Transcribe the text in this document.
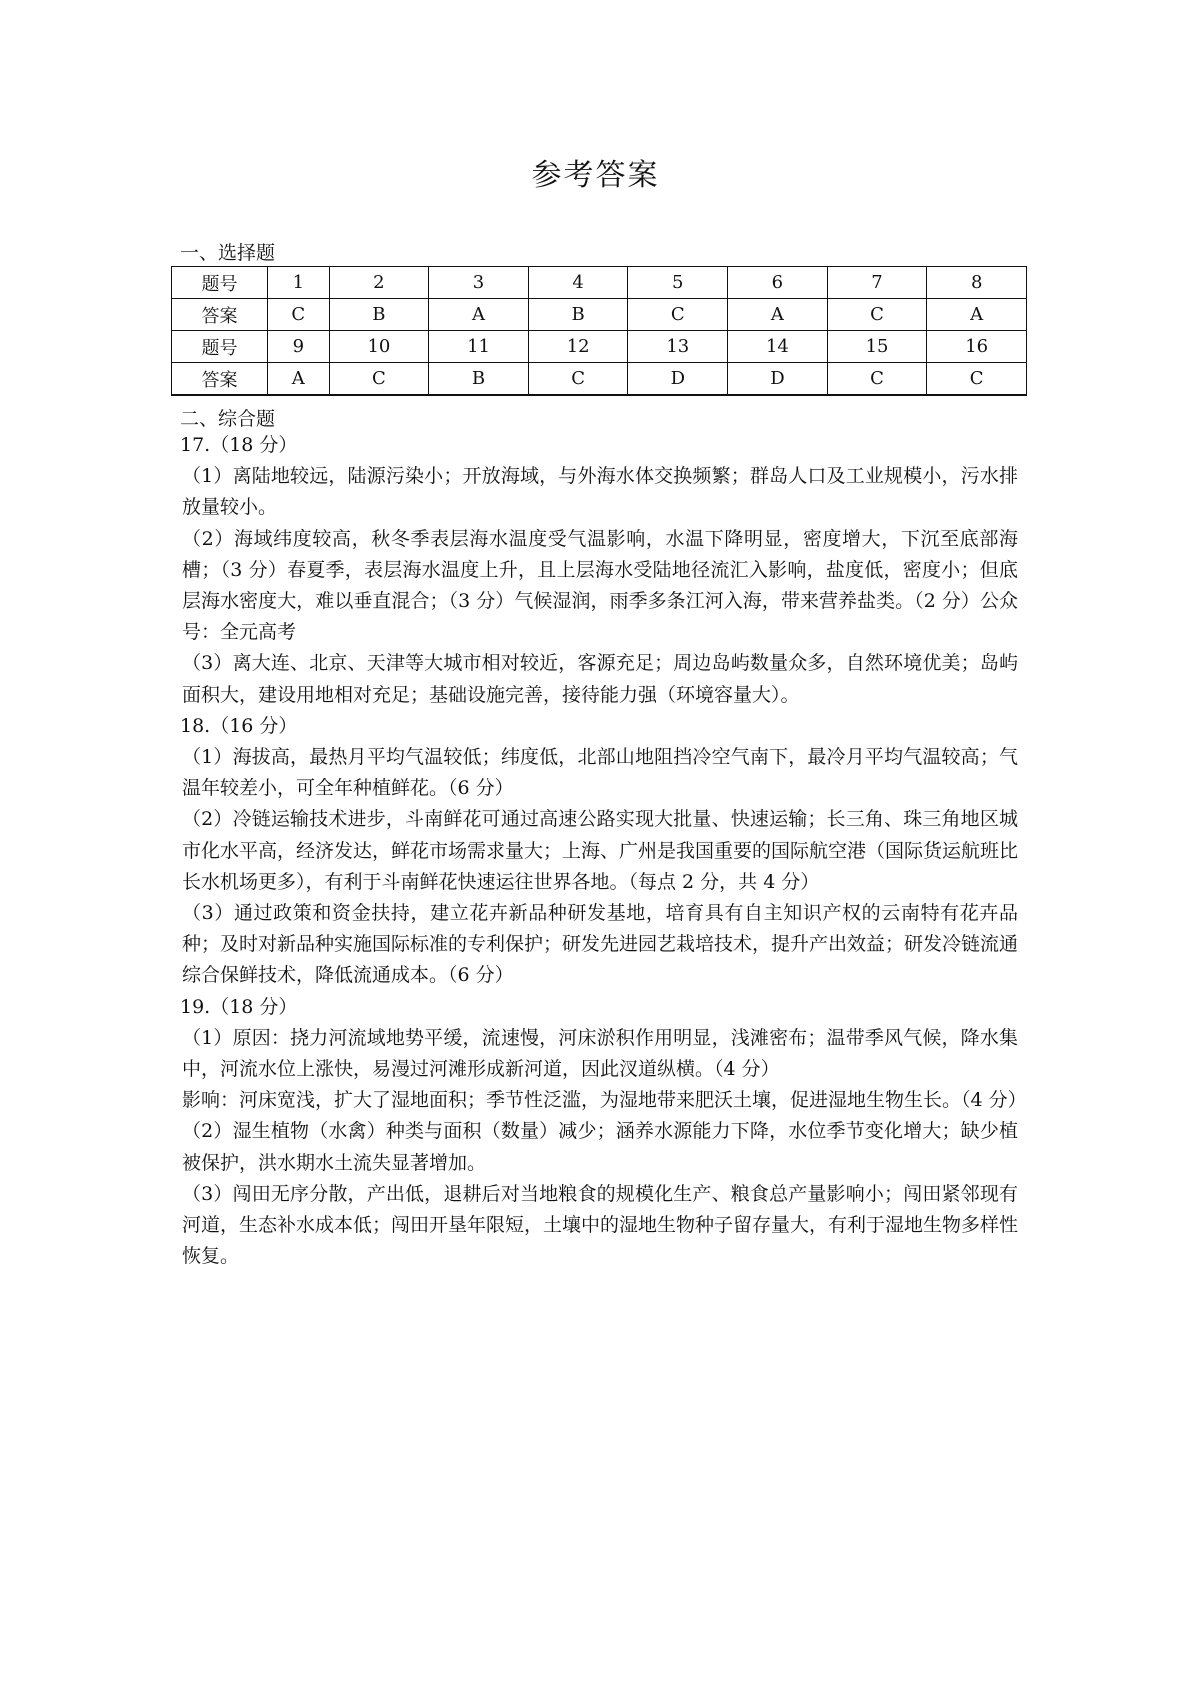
参考答案
一、选择题
题号	1	2	3	4	5	6	7	8
答案	C	B	A	B	C	A	C	A
题号	9	10	11	12	13	14	15	16
答案	A	C	B	C	D	D	C	C
二、综合题
17.（18 分）
（1）离陆地较远，陆源污染小；开放海域，与外海水体交换频繁；群岛人口及工业规模小，污水排放量较小。
（2）海域纬度较高，秋冬季表层海水温度受气温影响，水温下降明显，密度增大，下沉至底部海槽；（3 分）春夏季，表层海水温度上升，且上层海水受陆地径流汇入影响，盐度低，密度小；但底层海水密度大，难以垂直混合；（3 分）气候湿润，雨季多条江河入海，带来营养盐类。（2 分）公众号：全元高考
（3）离大连、北京、天津等大城市相对较近，客源充足；周边岛屿数量众多，自然环境优美；岛屿面积大，建设用地相对充足；基础设施完善，接待能力强（环境容量大）。
18.（16 分）
（1）海拔高，最热月平均气温较低；纬度低，北部山地阻挡冷空气南下，最冷月平均气温较高；气温年较差小，可全年种植鲜花。（6 分）
（2）冷链运输技术进步，斗南鲜花可通过高速公路实现大批量、快速运输；长三角、珠三角地区城市化水平高，经济发达，鲜花市场需求量大；上海、广州是我国重要的国际航空港（国际货运航班比长水机场更多），有利于斗南鲜花快速运往世界各地。（每点 2 分，共 4 分）
（3）通过政策和资金扶持，建立花卉新品种研发基地，培育具有自主知识产权的云南特有花卉品种；及时对新品种实施国际标准的专利保护；研发先进园艺栽培技术，提升产出效益；研发冷链流通综合保鲜技术，降低流通成本。（6 分）
19.（18 分）
（1）原因：挠力河流域地势平缓，流速慢，河床淤积作用明显，浅滩密布；温带季风气候，降水集中，河流水位上涨快，易漫过河滩形成新河道，因此汊道纵横。（4 分）
影响：河床宽浅，扩大了湿地面积；季节性泛滥，为湿地带来肥沃土壤，促进湿地生物生长。（4 分）
（2）湿生植物（水禽）种类与面积（数量）减少；涵养水源能力下降，水位季节变化增大；缺少植被保护，洪水期水土流失显著增加。
（3）闯田无序分散，产出低，退耕后对当地粮食的规模化生产、粮食总产量影响小；闯田紧邻现有河道，生态补水成本低；闯田开垦年限短，土壤中的湿地生物种子留存量大，有利于湿地生物多样性恢复。
